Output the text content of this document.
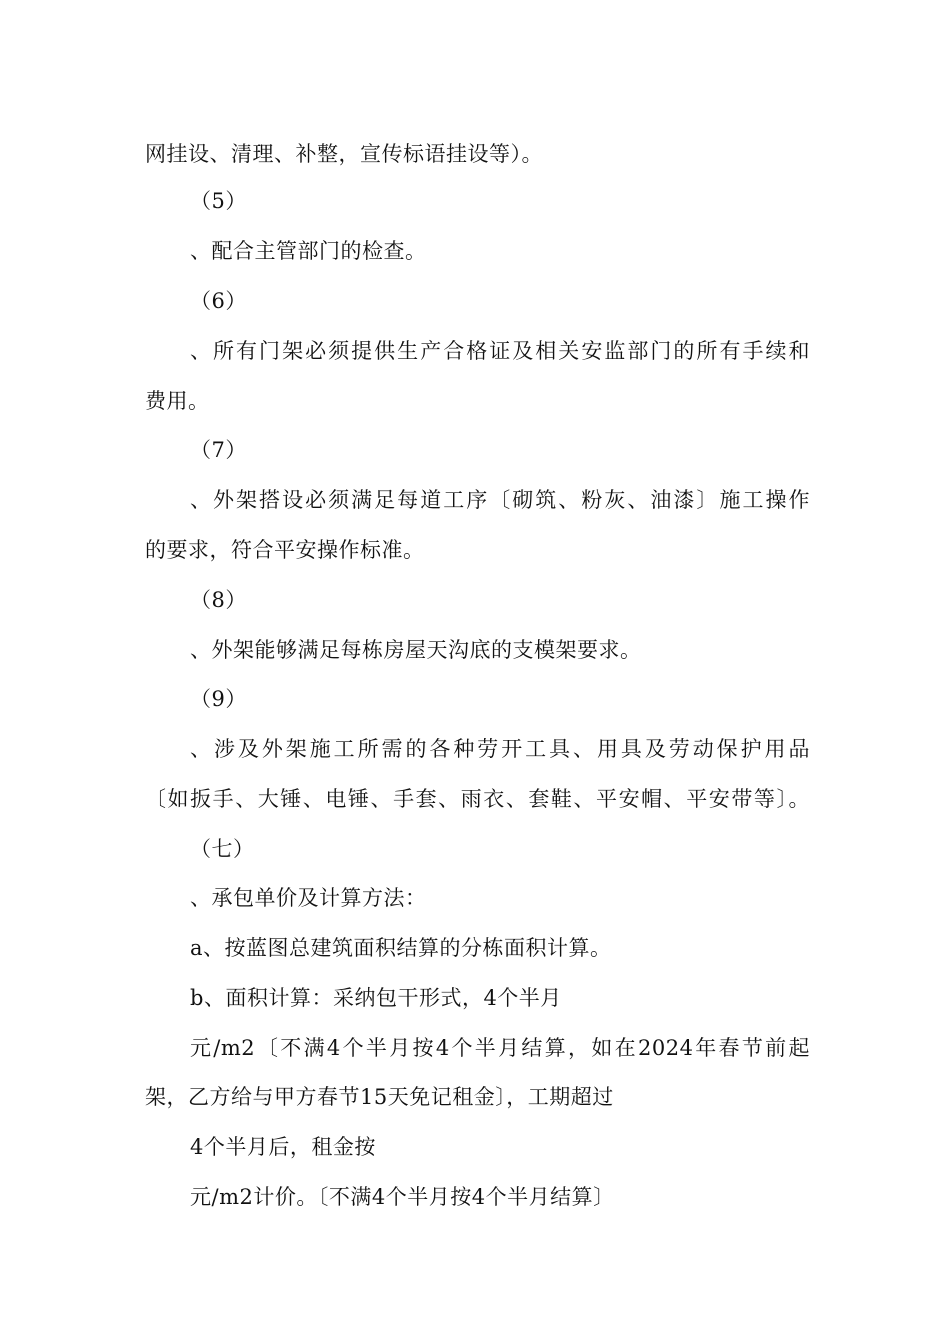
网挂设、清理、补整，宣传标语挂设等）。
（5）
、配合主管部门的检查。
（6）
、所有门架必须提供生产合格证及相关安监部门的所有手续和
费用。
（7）
、外架搭设必须满足每道工序〔砌筑、粉灰、油漆〕施工操作
的要求，符合平安操作标准。
（8）
、外架能够满足每栋房屋天沟底的支模架要求。
（9）
、涉及外架施工所需的各种劳开工具、用具及劳动保护用品
〔如扳手、大锤、电锤、手套、雨衣、套鞋、平安帽、平安带等〕。
（七）
、承包单价及计算方法：
a、按蓝图总建筑面积结算的分栋面积计算。
b、面积计算：采纳包干形式，4个半月
元/m2〔不满4个半月按4个半月结算，如在2024年春节前起
架，乙方给与甲方春节15天免记租金〕，工期超过
4个半月后，租金按
元/m2计价。〔不满4个半月按4个半月结算〕
